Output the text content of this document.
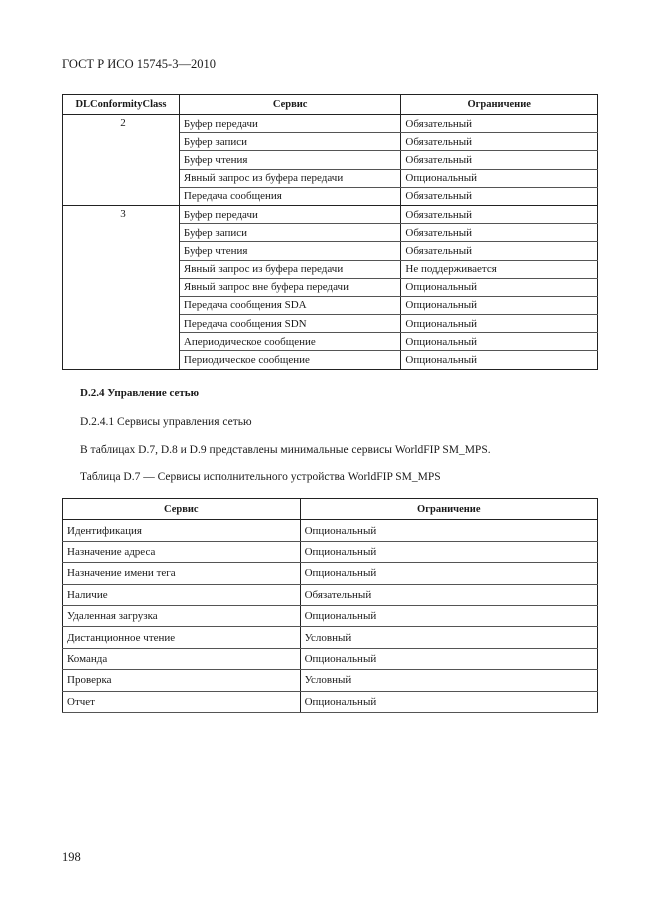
ГОСТ Р ИСО 15745-3—2010
DLConformityClass	Сервис	Ограничение
2	Буфер передачи	Обязательный
	Буфер записи	Обязательный
	Буфер чтения	Обязательный
	Явный запрос из буфера передачи	Опциональный
	Передача сообщения	Обязательный
3	Буфер передачи	Обязательный
	Буфер записи	Обязательный
	Буфер чтения	Обязательный
	Явный запрос из буфера передачи	Не поддерживается
	Явный запрос вне буфера передачи	Опциональный
	Передача сообщения SDA	Опциональный
	Передача сообщения SDN	Опциональный
	Апериодическое сообщение	Опциональный
	Периодическое сообщение	Опциональный
D.2.4 Управление сетью
D.2.4.1 Сервисы управления сетью
В таблицах D.7, D.8 и D.9 представлены минимальные сервисы WorldFIP SM_MPS.
Таблица D.7 — Сервисы исполнительного устройства WorldFIP SM_MPS
Сервис	Ограничение
Идентификация	Опциональный
Назначение адреса	Опциональный
Назначение имени тега	Опциональный
Наличие	Обязательный
Удаленная загрузка	Опциональный
Дистанционное чтение	Условный
Команда	Опциональный
Проверка	Условный
Отчет	Опциональный
198
